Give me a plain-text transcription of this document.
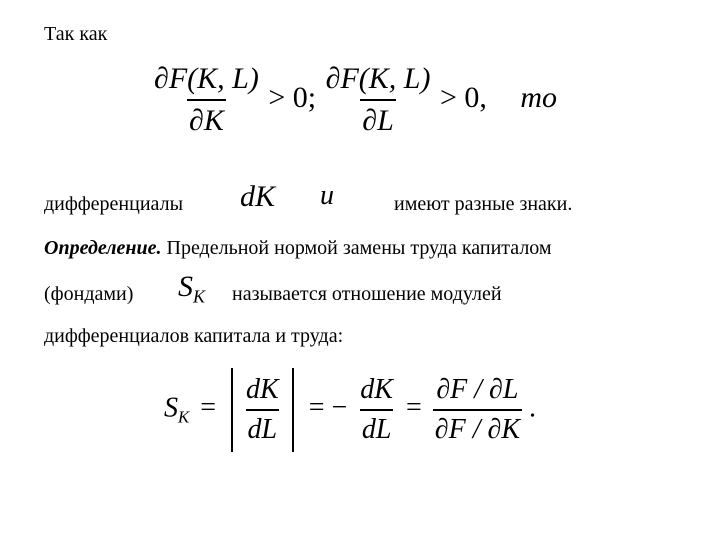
Так как
$\frac{\partial F(K, L)}{\partial K} > 0$; $\frac{\partial F(K, L)}{\partial L} > 0$, то
дифференциалы dK и	имеют разные знаки.
Определение. Предельной нормой замены труда капиталом
(фондами) $S_K$ называется отношение модулей
дифференциалов капитала и труда:
$S_K = \frac{dK}{dL}$ = − $\frac{dK}{dL} = \frac{\partial F / \partial L}{\partial F / \partial K}$ .
